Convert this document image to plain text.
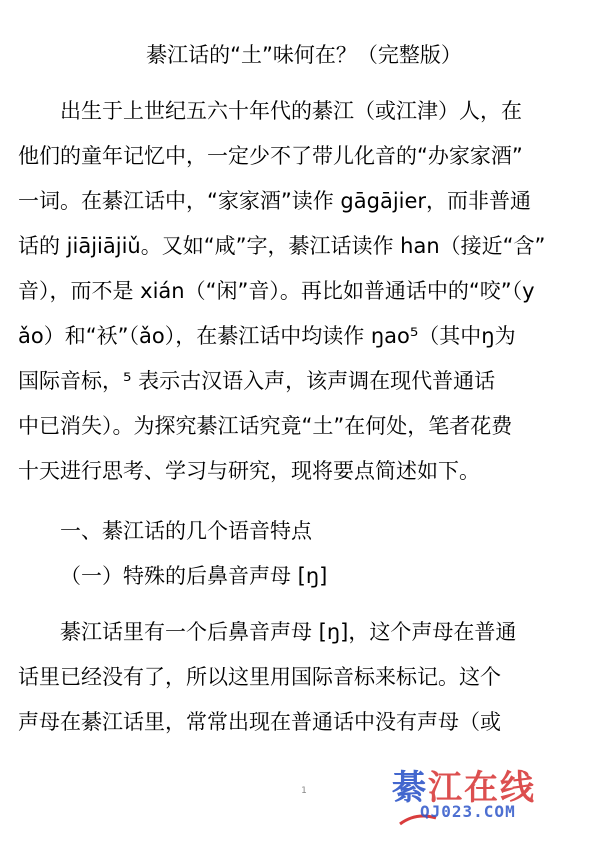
綦江话的“土”味何在？（完整版）
出生于上世纪五六十年代的綦江（或江津）人，在
他们的童年记忆中，一定少不了带儿化音的“办家家酒”
一词。在綦江话中，“家家酒”读作 gāgājier，而非普通
话的 jiājiājiǔ。又如“咸”字，綦江话读作 han（接近“含”
音），而不是 xián（“闲”音）。再比如普通话中的“咬”（y
ǎo）和“袄”（ǎo），在綦江话中均读作 ŋao⁵（其中ŋ为
国际音标，⁵ 表示古汉语入声，该声调在现代普通话
中已消失）。为探究綦江话究竟“土”在何处，笔者花费
十天进行思考、学习与研究，现将要点简述如下。
一、綦江话的几个语音特点
（一）特殊的后鼻音声母 [ŋ]
綦江话里有一个后鼻音声母 [ŋ]，这个声母在普通
话里已经没有了，所以这里用国际音标来标记。这个
声母在綦江话里，常常出现在普通话中没有声母（或
1	綦江在线
QJ023.COM
